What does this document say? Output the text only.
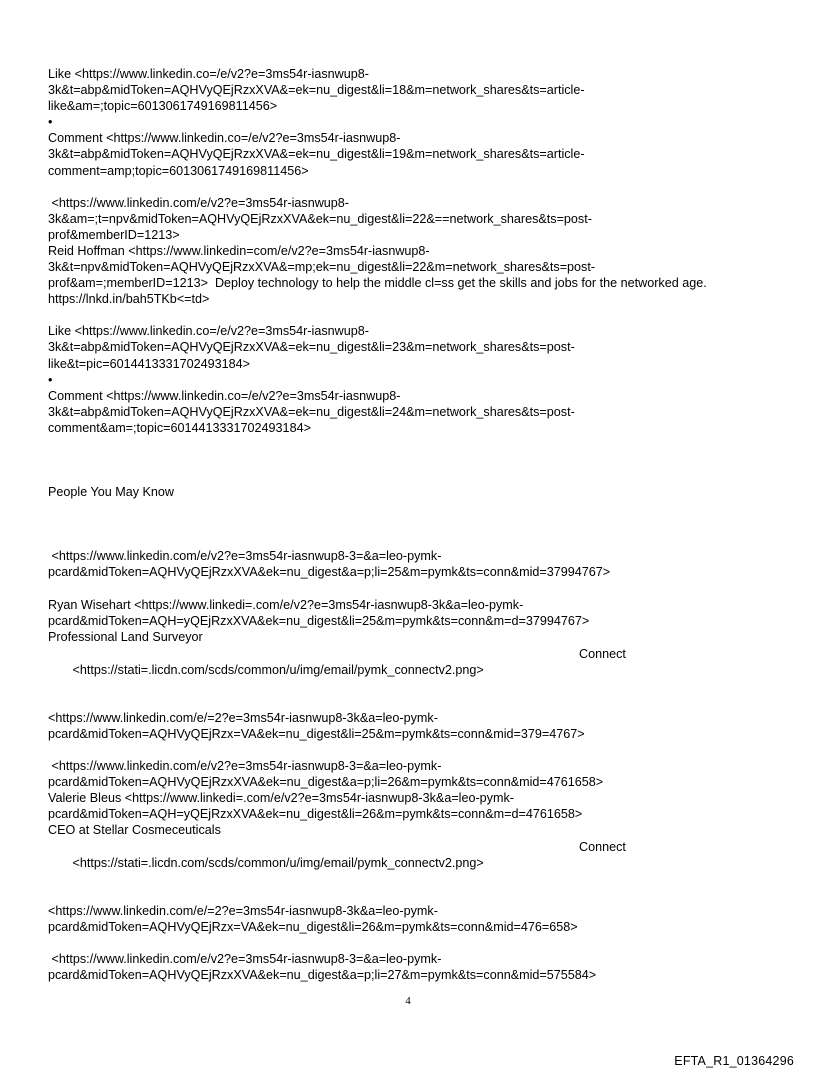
Like <https://www.linkedin.co=/e/v2?e=3ms54r-iasnwup8-
3k&t=abp&midToken=AQHVyQEjRzxXVA&=ek=nu_digest&li=18&m=network_shares&ts=article-
like&am=;topic=6013061749169811456>
•
Comment <https://www.linkedin.co=/e/v2?e=3ms54r-iasnwup8-
3k&t=abp&midToken=AQHVyQEjRzxXVA&=ek=nu_digest&li=19&m=network_shares&ts=article-
comment=amp;topic=6013061749169811456>
<https://www.linkedin.com/e/v2?e=3ms54r-iasnwup8-
3k&am=;t=npv&midToken=AQHVyQEjRzxXVA&ek=nu_digest&li=22&==network_shares&ts=post-
prof&memberID=1213>
Reid Hoffman <https://www.linkedin=com/e/v2?e=3ms54r-iasnwup8-
3k&t=npv&midToken=AQHVyQEjRzxXVA&=mp;ek=nu_digest&li=22&m=network_shares&ts=post-
prof&am=;memberID=1213>  Deploy technology to help the middle cl=ss get the skills and jobs for the networked age.
https://lnkd.in/bah5TKb<=td>
Like <https://www.linkedin.co=/e/v2?e=3ms54r-iasnwup8-
3k&t=abp&midToken=AQHVyQEjRzxXVA&=ek=nu_digest&li=23&m=network_shares&ts=post-
like&t=pic=6014413331702493184>
•
Comment <https://www.linkedin.co=/e/v2?e=3ms54r-iasnwup8-
3k&t=abp&midToken=AQHVyQEjRzxXVA&=ek=nu_digest&li=24&m=network_shares&ts=post-
comment&am=;topic=6014413331702493184>
People You May Know
<https://www.linkedin.com/e/v2?e=3ms54r-iasnwup8-3=&a=leo-pymk-
pcard&midToken=AQHVyQEjRzxXVA&ek=nu_digest&a=p;li=25&m=pymk&ts=conn&mid=37994767>
Ryan Wisehart <https://www.linkedi=.com/e/v2?e=3ms54r-iasnwup8-3k&a=leo-pymk-
pcard&midToken=AQH=yQEjRzxXVA&ek=nu_digest&li=25&m=pymk&ts=conn&m=d=37994767>
Professional Land Surveyor

<https://stati=.licdn.com/scds/common/u/img/email/pymk_connectv2.png>

Connect

<https://www.linkedin.com/e/=2?e=3ms54r-iasnwup8-3k&a=leo-pymk-
pcard&midToken=AQHVyQEjRzx=VA&ek=nu_digest&li=25&m=pymk&ts=conn&mid=379=4767>
<https://www.linkedin.com/e/v2?e=3ms54r-iasnwup8-3=&a=leo-pymk-
pcard&midToken=AQHVyQEjRzxXVA&ek=nu_digest&a=p;li=26&m=pymk&ts=conn&mid=4761658>
Valerie Bleus <https://www.linkedi=.com/e/v2?e=3ms54r-iasnwup8-3k&a=leo-pymk-
pcard&midToken=AQH=yQEjRzxXVA&ek=nu_digest&li=26&m=pymk&ts=conn&m=d=4761658>
CEO at Stellar Cosmeceuticals

<https://stati=.licdn.com/scds/common/u/img/email/pymk_connectv2.png>

Connect

<https://www.linkedin.com/e/=2?e=3ms54r-iasnwup8-3k&a=leo-pymk-
pcard&midToken=AQHVyQEjRzx=VA&ek=nu_digest&li=26&m=pymk&ts=conn&mid=476=658>
<https://www.linkedin.com/e/v2?e=3ms54r-iasnwup8-3=&a=leo-pymk-
pcard&midToken=AQHVyQEjRzxXVA&ek=nu_digest&a=p;li=27&m=pymk&ts=conn&mid=575584>
4
EFTA_R1_01364296
